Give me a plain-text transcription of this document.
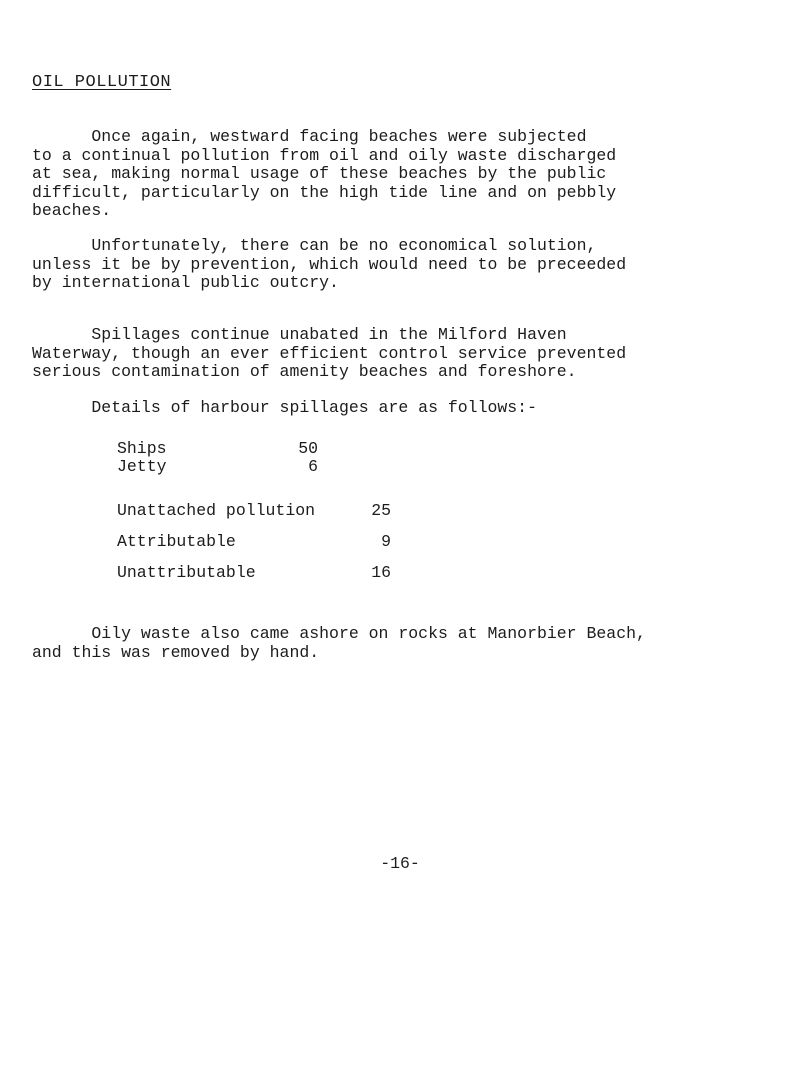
OIL POLLUTION

Once again, westward facing beaches were subjected
to a continual pollution from oil and oily waste discharged
at sea, making normal usage of these beaches by the public
difficult, particularly on the high tide line and on pebbly
beaches.

Unfortunately, there can be no economical solution,
unless it be by prevention, which would need to be preceeded
by international public outcry.

Spillages continue unabated in the Milford Haven
Waterway, though an ever efficient control service prevented
serious contamination of amenity beaches and foreshore.

Details of harbour spillages are as follows:-

Ships	50
Jetty	6
Unattached pollution	25
Attributable	9
Unattributable	16

Oily waste also came ashore on rocks at Manorbier Beach,
and this was removed by hand.

-16-
